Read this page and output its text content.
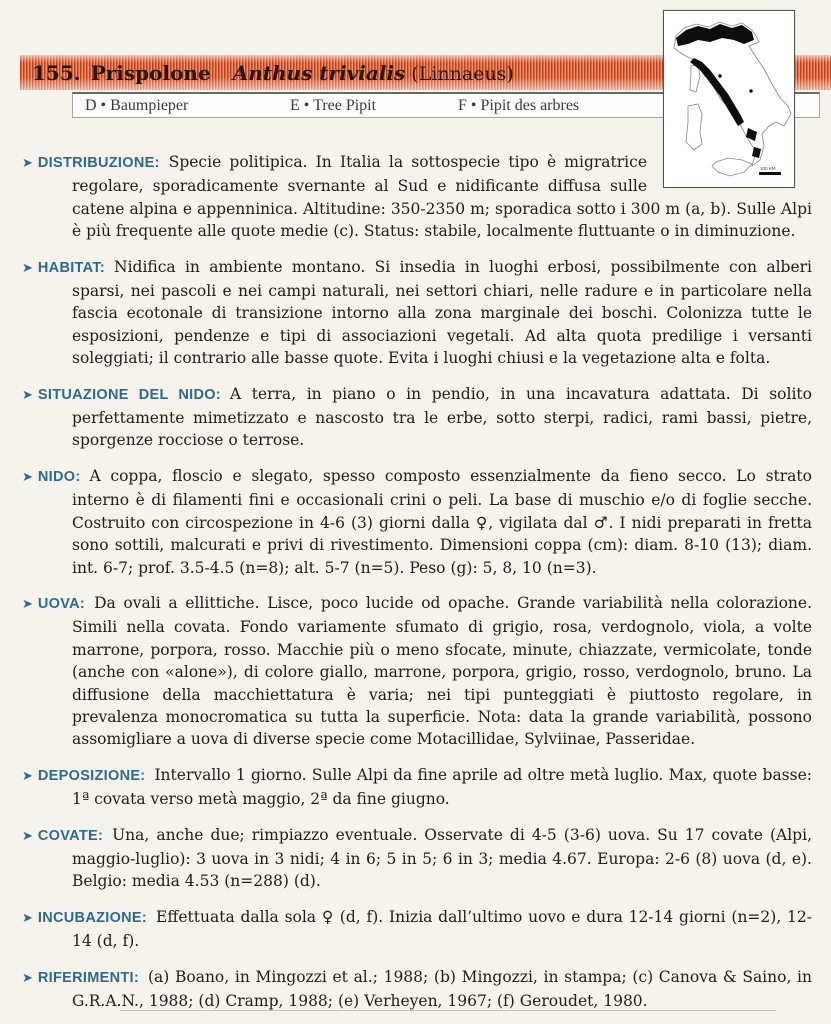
155. Prispolone Anthus trivialis (Linnaeus)
D • Baumpieper	E • Tree Pipit	F • Pipit des arbres
100 KM

➤ DISTRIBUZIONE: Specie politipica. In Italia la sottospecie tipo è migratrice regolare, sporadicamente svernante al Sud e nidificante diffusa sulle catene alpina e appenninica. Altitudine: 350-2350 m; sporadica sotto i 300 m (a, b). Sulle Alpi è più frequente alle quote medie (c). Status: stabile, localmente fluttuante o in diminuzione.

➤ HABITAT: Nidifica in ambiente montano. Si insedia in luoghi erbosi, possibilmente con alberi sparsi, nei pascoli e nei campi naturali, nei settori chiari, nelle radure e in particolare nella fascia ecotonale di transizione intorno alla zona marginale dei boschi. Colonizza tutte le esposizioni, pendenze e tipi di associazioni vegetali. Ad alta quota predilige i versanti soleggiati; il contrario alle basse quote. Evita i luoghi chiusi e la vegetazione alta e folta.

➤ SITUAZIONE DEL NIDO: A terra, in piano o in pendio, in una incavatura adattata. Di solito perfettamente mimetizzato e nascosto tra le erbe, sotto sterpi, radici, rami bassi, pietre, sporgenze rocciose o terrose.

➤ NIDO: A coppa, floscio e slegato, spesso composto essenzialmente da fieno secco. Lo strato interno è di filamenti fini e occasionali crini o peli. La base di muschio e/o di foglie secche. Costruito con circospezione in 4-6 (3) giorni dalla ♀, vigilata dal ♂. I nidi preparati in fretta sono sottili, malcurati e privi di rivestimento. Dimensioni coppa (cm): diam. 8-10 (13); diam. int. 6-7; prof. 3.5-4.5 (n=8); alt. 5-7 (n=5). Peso (g): 5, 8, 10 (n=3).

➤ UOVA: Da ovali a ellittiche. Lisce, poco lucide od opache. Grande variabilità nella colorazione. Simili nella covata. Fondo variamente sfumato di grigio, rosa, verdognolo, viola, a volte marrone, porpora, rosso. Macchie più o meno sfocate, minute, chiazzate, vermicolate, tonde (anche con «alone»), di colore giallo, marrone, porpora, grigio, rosso, verdognolo, bruno. La diffusione della macchiettatura è varia; nei tipi punteggiati è piuttosto regolare, in prevalenza monocromatica su tutta la superficie. Nota: data la grande variabilità, possono assomigliare a uova di diverse specie come Motacillidae, Sylviinae, Passeridae.

➤ DEPOSIZIONE: Intervallo 1 giorno. Sulle Alpi da fine aprile ad oltre metà luglio. Max, quote basse: 1ª covata verso metà maggio, 2ª da fine giugno.

➤ COVATE: Una, anche due; rimpiazzo eventuale. Osservate di 4-5 (3-6) uova. Su 17 covate (Alpi, maggio-luglio): 3 uova in 3 nidi; 4 in 6; 5 in 5; 6 in 3; media 4.67. Europa: 2-6 (8) uova (d, e). Belgio: media 4.53 (n=288) (d).

➤ INCUBAZIONE: Effettuata dalla sola ♀ (d, f). Inizia dall’ultimo uovo e dura 12-14 giorni (n=2), 12-14 (d, f).

➤ RIFERIMENTI: (a) Boano, in Mingozzi et al.; 1988; (b) Mingozzi, in stampa; (c) Canova & Saino, in G.R.A.N., 1988; (d) Cramp, 1988; (e) Verheyen, 1967; (f) Geroudet, 1980.
